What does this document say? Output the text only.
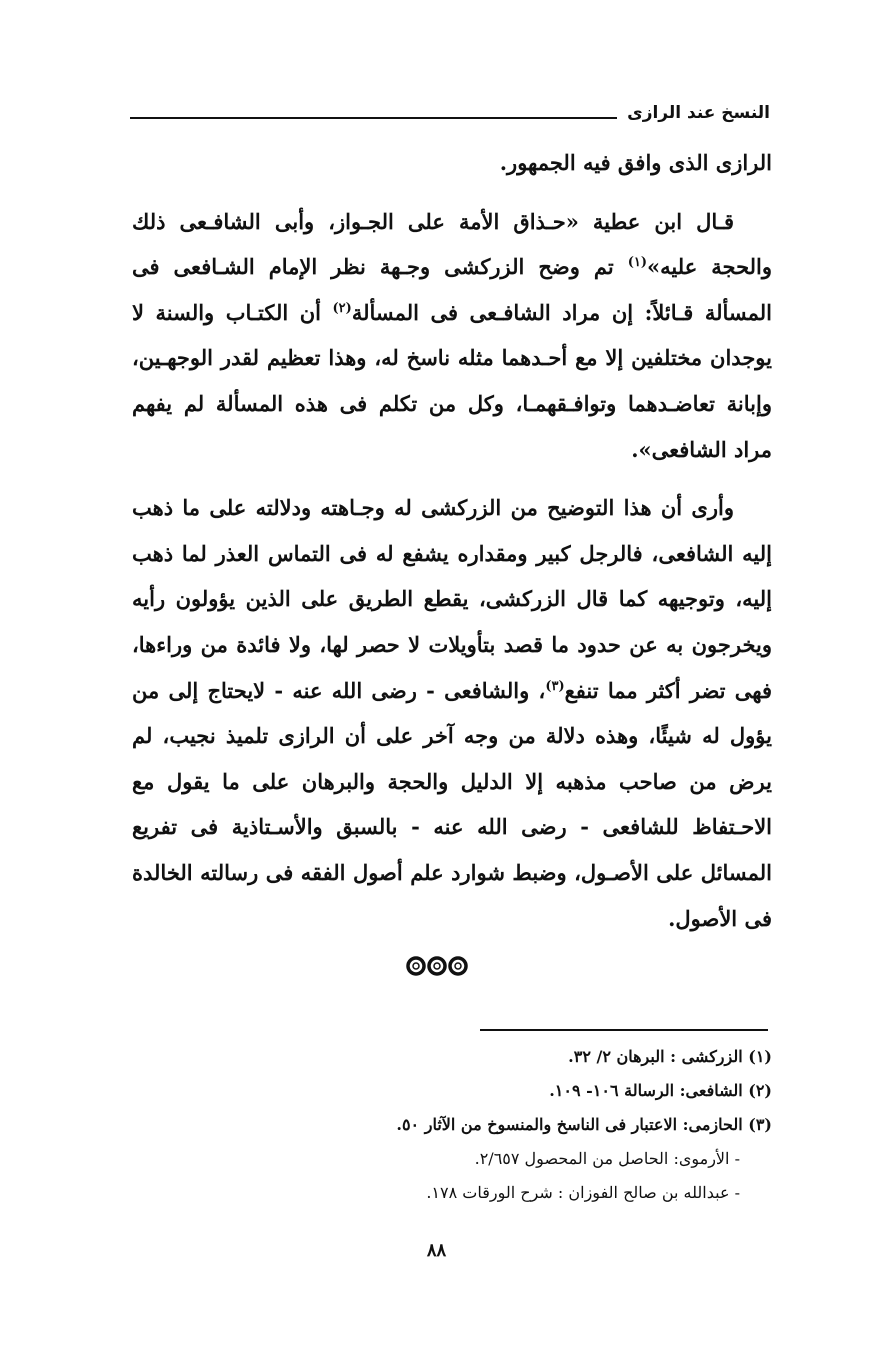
النسخ عند الرازى

الرازى الذى وافق فيه الجمهور.

قـال ابن عطية «حـذاق الأمة على الجـواز، وأبى الشافـعى ذلك والحجة عليه»$^{(١)}$ تم وضح الزركشى وجـهة نظر الإمام الشـافعى فى المسألة قـائلاً: إن مراد الشافـعى فى المسألة$^{(٢)}$ أن الكتـاب والسنة لا يوجدان مختلفين إلا مع أحـدهما مثله ناسخ له، وهذا تعظيم لقدر الوجهـين، وإبانة تعاضـدهما وتوافـقهمـا، وكل من تكلم فى هذه المسألة لم يفهم مراد الشافعى».

وأرى أن هذا التوضيح من الزركشى له وجـاهته ودلالته على ما ذهب إليه الشافعى، فالرجل كبير ومقداره يشفع له فى التماس العذر لما ذهب إليه، وتوجيهه كما قال الزركشى، يقطع الطريق على الذين يؤولون رأيه ويخرجون به عن حدود ما قصد بتأويلات لا حصر لها، ولا فائدة من وراءها، فهى تضر أكثر مما تنفع$^{(٣)}$، والشافعى - رضى الله عنه - لايحتاج إلى من يؤول له شيئًا، وهذه دلالة من وجه آخر على أن الرازى تلميذ نجيب، لم يرض من صاحب مذهبه إلا الدليل والحجة والبرهان على ما يقول مع الاحـتفاظ للشافعى - رضى الله عنه - بالسبق والأسـتاذية فى تفريع المسائل على الأصـول، وضبط شوارد علم أصول الفقه فى رسالته الخالدة فى الأصول.

(١) الزركشى : البرهان ٢/ ٣٢.

(٢) الشافعى: الرسالة ١٠٦- ١٠٩.

(٣) الحازمى: الاعتبار فى الناسخ والمنسوخ من الآثار ٥٠.

- الأرموى: الحاصل من المحصول ٢/٦٥٧.

- عبدالله بن صالح الفوزان : شرح الورقات ١٧٨.

٨٨
